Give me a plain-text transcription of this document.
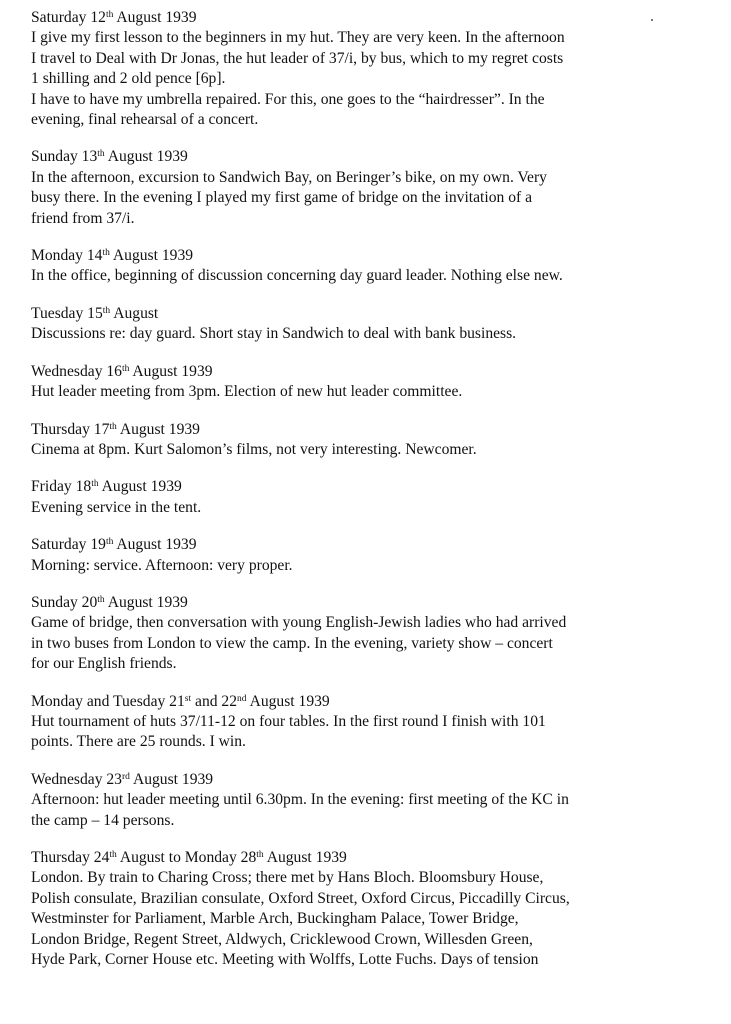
Saturday 12th August 1939
I give my first lesson to the beginners in my hut. They are very keen. In the afternoon
I travel to Deal with Dr Jonas, the hut leader of 37/i, by bus, which to my regret costs
1 shilling and 2 old pence [6p].
I have to have my umbrella repaired. For this, one goes to the “hairdresser”. In the
evening, final rehearsal of a concert.
Sunday 13th August 1939
In the afternoon, excursion to Sandwich Bay, on Beringer’s bike, on my own. Very
busy there. In the evening I played my first game of bridge on the invitation of a
friend from 37/i.
Monday 14th August 1939
In the office, beginning of discussion concerning day guard leader. Nothing else new.
Tuesday 15th August
Discussions re: day guard. Short stay in Sandwich to deal with bank business.
Wednesday 16th August 1939
Hut leader meeting from 3pm. Election of new hut leader committee.
Thursday 17th August 1939
Cinema at 8pm. Kurt Salomon’s films, not very interesting. Newcomer.
Friday 18th August 1939
Evening service in the tent.
Saturday 19th August 1939
Morning: service. Afternoon: very proper.
Sunday 20th August 1939
Game of bridge, then conversation with young English-Jewish ladies who had arrived
in two buses from London to view the camp. In the evening, variety show – concert
for our English friends.
Monday and Tuesday 21st and 22nd August 1939
Hut tournament of huts 37/11-12 on four tables. In the first round I finish with 101
points. There are 25 rounds. I win.
Wednesday 23rd August 1939
Afternoon: hut leader meeting until 6.30pm. In the evening: first meeting of the KC in
the camp – 14 persons.
Thursday 24th August to Monday 28th August 1939
London. By train to Charing Cross; there met by Hans Bloch. Bloomsbury House,
Polish consulate, Brazilian consulate, Oxford Street, Oxford Circus, Piccadilly Circus,
Westminster for Parliament, Marble Arch, Buckingham Palace, Tower Bridge,
London Bridge, Regent Street, Aldwych, Cricklewood Crown, Willesden Green,
Hyde Park, Corner House etc. Meeting with Wolffs, Lotte Fuchs. Days of tension
